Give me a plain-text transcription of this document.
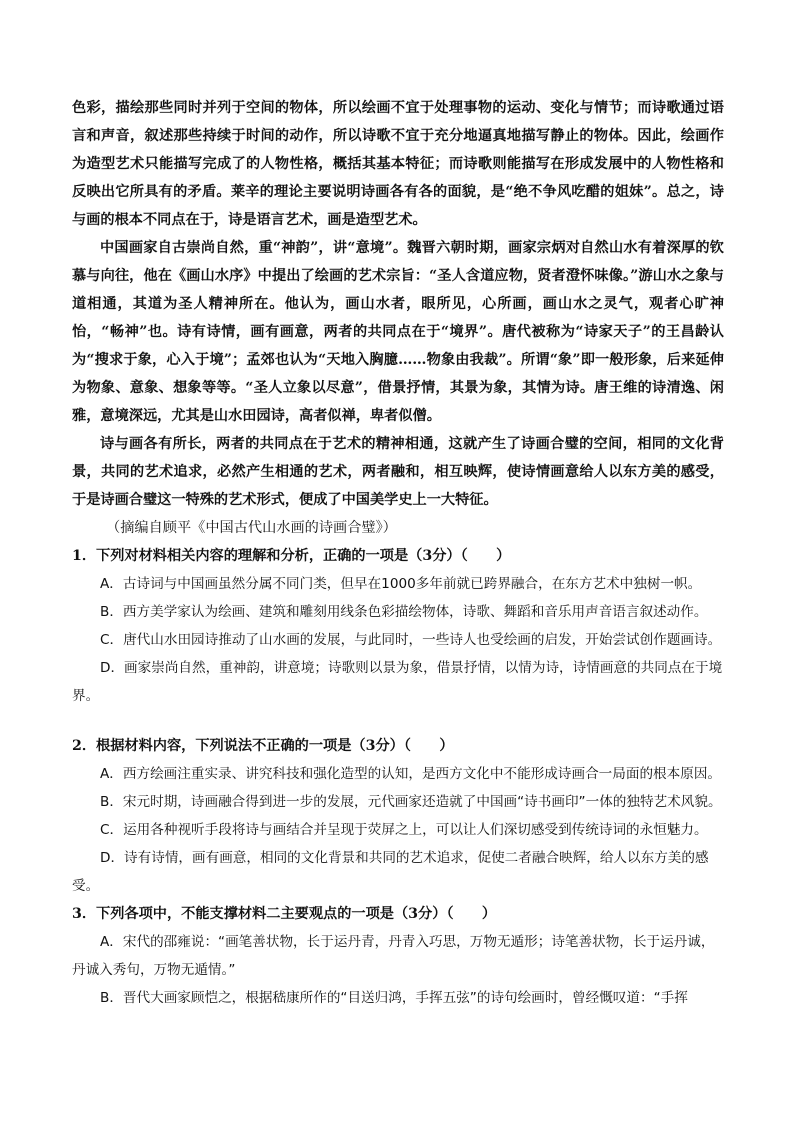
色彩，描绘那些同时并列于空间的物体，所以绘画不宜于处理事物的运动、变化与情节；而诗歌通过语言和声音，叙述那些持续于时间的动作，所以诗歌不宜于充分地逼真地描写静止的物体。因此，绘画作为造型艺术只能描写完成了的人物性格，概括其基本特征；而诗歌则能描写在形成发展中的人物性格和反映出它所具有的矛盾。莱辛的理论主要说明诗画各有各的面貌，是“绝不争风吃醋的姐妹”。总之，诗与画的根本不同点在于，诗是语言艺术，画是造型艺术。

中国画家自古崇尚自然，重“神韵”，讲“意境”。魏晋六朝时期，画家宗炳对自然山水有着深厚的钦慕与向往，他在《画山水序》中提出了绘画的艺术宗旨：“圣人含道应物，贤者澄怀味像。”游山水之象与道相通，其道为圣人精神所在。他认为，画山水者，眼所见，心所画，画山水之灵气，观者心旷神怡，“畅神”也。诗有诗情，画有画意，两者的共同点在于“境界”。唐代被称为“诗家天子”的王昌龄认为“搜求于象，心入于境”；孟郊也认为“天地入胸臆……物象由我裁”。所谓“象”即一般形象，后来延伸为物象、意象、想象等等。“圣人立象以尽意”，借景抒情，其景为象，其情为诗。唐王维的诗清逸、闲雅，意境深远，尤其是山水田园诗，高者似禅，卑者似僧。

诗与画各有所长，两者的共同点在于艺术的精神相通，这就产生了诗画合璧的空间，相同的文化背景，共同的艺术追求，必然产生相通的艺术，两者融和，相互映辉，使诗情画意给人以东方美的感受，于是诗画合璧这一特殊的艺术形式，便成了中国美学史上一大特征。

（摘编自顾平《中国古代山水画的诗画合璧》）

1．下列对材料相关内容的理解和分析，正确的一项是（3分）（　　）

A．古诗词与中国画虽然分属不同门类，但早在1000多年前就已跨界融合，在东方艺术中独树一帜。

B．西方美学家认为绘画、建筑和雕刻用线条色彩描绘物体，诗歌、舞蹈和音乐用声音语言叙述动作。

C．唐代山水田园诗推动了山水画的发展，与此同时，一些诗人也受绘画的启发，开始尝试创作题画诗。

D．画家崇尚自然，重神韵，讲意境；诗歌则以景为象，借景抒情，以情为诗，诗情画意的共同点在于境界。

2．根据材料内容，下列说法不正确的一项是（3分）（　　）

A．西方绘画注重实录、讲究科技和强化造型的认知，是西方文化中不能形成诗画合一局面的根本原因。

B．宋元时期，诗画融合得到进一步的发展，元代画家还造就了中国画“诗书画印”一体的独特艺术风貌。

C．运用各种视听手段将诗与画结合并呈现于荧屏之上，可以让人们深切感受到传统诗词的永恒魅力。

D．诗有诗情，画有画意，相同的文化背景和共同的艺术追求，促使二者融合映辉，给人以东方美的感受。

3．下列各项中，不能支撑材料二主要观点的一项是（3分）（　　）

A．宋代的邵雍说：“画笔善状物，长于运丹青，丹青入巧思，万物无遁形；诗笔善状物，长于运丹诚，丹诚入秀句，万物无遁情。”

B．晋代大画家顾恺之，根据嵇康所作的“目送归鸿，手挥五弦”的诗句绘画时，曾经慨叹道：“手挥
